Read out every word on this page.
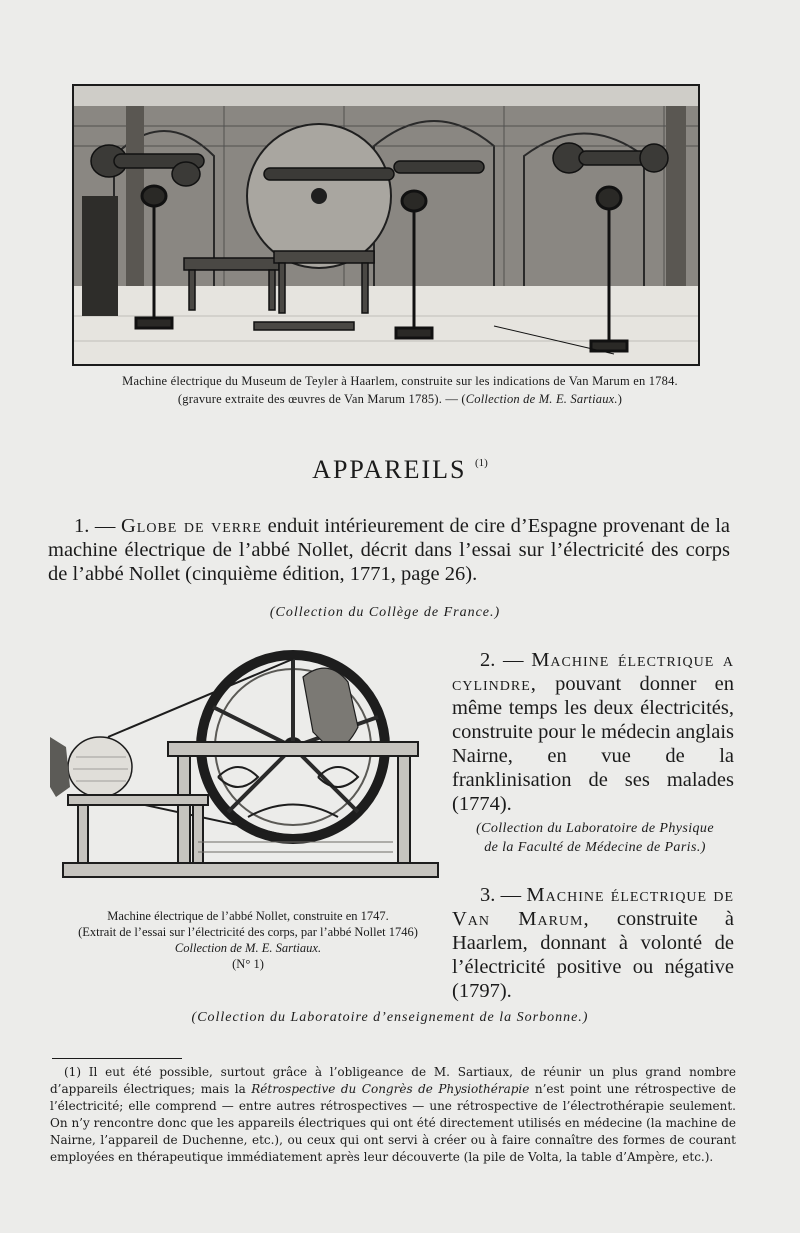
Machine électrique du Museum de Teyler à Haarlem, construite sur les indications de Van Marum en 1784.
(gravure extraite des œuvres de Van Marum 1785). — (Collection de M. E. Sartiaux.)
APPAREILS $^{(1)}$
1. — Globe de verre enduit intérieurement de cire d’Espagne provenant de la machine électrique de l’abbé Nollet, décrit dans l’essai sur l’électricité des corps de l’abbé Nollet (cinquième édition, 1771, page 26).
(Collection du Collège de France.)
Machine électrique de l’abbé Nollet, construite en 1747.
(Extrait de l’essai sur l’électricité des corps, par l’abbé Nollet 1746)
Collection de M. E. Sartiaux.
(N° 1)
2. — Machine électrique a cylindre, pouvant donner en même temps les deux électricités, construite pour le médecin anglais Nairne, en vue de la franklinisation de ses malades (1774).
(Collection du Laboratoire de Physique
de la Faculté de Médecine de Paris.)
3. — Machine électrique de Van Marum, construite à Haarlem, donnant à volonté de l’électricité positive ou négative (1797).
(Collection du Laboratoire d’enseignement de la Sorbonne.)
(1) Il eut été possible, surtout grâce à l’obligeance de M. Sartiaux, de réunir un plus grand nombre d’appareils électriques; mais la Rétrospective du Congrès de Physiothérapie n’est point une rétrospective de l’électricité; elle comprend — entre autres rétrospectives — une rétrospective de l’électrothérapie seulement. On n’y rencontre donc que les appareils électriques qui ont été directement utilisés en médecine (la machine de Nairne, l’appareil de Duchenne, etc.), ou ceux qui ont servi à créer ou à faire connaître des formes de courant employées en thérapeutique immédiatement après leur découverte (la pile de Volta, la table d’Ampère, etc.).
